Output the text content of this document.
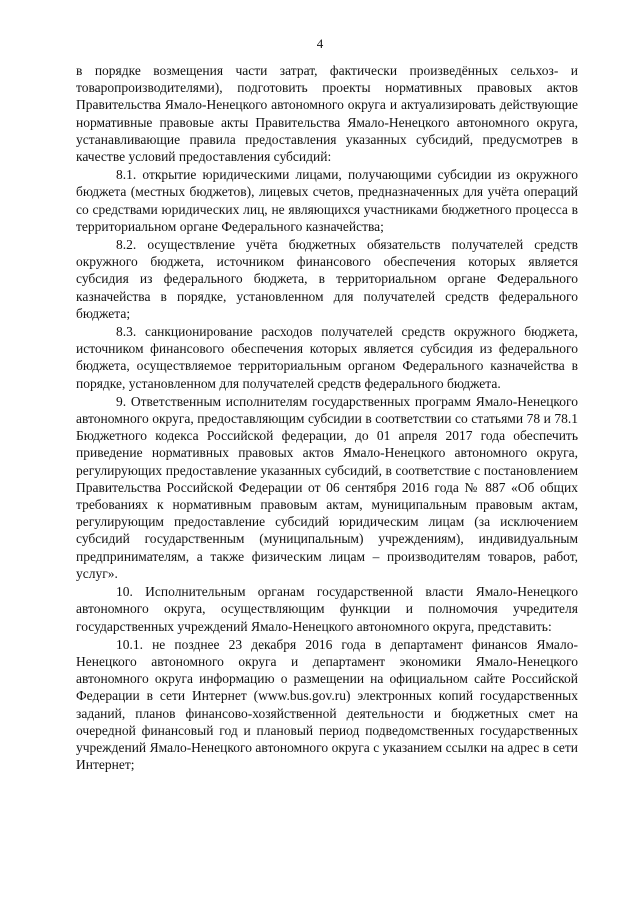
4

в порядке возмещения части затрат, фактически произведённых сельхоз- и товаропроизводителями), подготовить проекты нормативных правовых актов Правительства Ямало-Ненецкого автономного округа и актуализировать действующие нормативные правовые акты Правительства Ямало-Ненецкого автономного округа, устанавливающие правила предоставления указанных субсидий, предусмотрев в качестве условий предоставления субсидий:

8.1. открытие юридическими лицами, получающими субсидии из окружного бюджета (местных бюджетов), лицевых счетов, предназначенных для учёта операций со средствами юридических лиц, не являющихся участниками бюджетного процесса в территориальном органе Федерального казначейства;

8.2. осуществление учёта бюджетных обязательств получателей средств окружного бюджета, источником финансового обеспечения которых является субсидия из федерального бюджета, в территориальном органе Федерального казначейства в порядке, установленном для получателей средств федерального бюджета;

8.3. санкционирование расходов получателей средств окружного бюджета, источником финансового обеспечения которых является субсидия из федерального бюджета, осуществляемое территориальным органом Федерального казначейства в порядке, установленном для получателей средств федерального бюджета.

9. Ответственным исполнителям государственных программ Ямало-Ненецкого автономного округа, предоставляющим субсидии в соответствии со статьями 78 и 78.1 Бюджетного кодекса Российской федерации, до 01 апреля 2017 года обеспечить приведение нормативных правовых актов Ямало-Ненецкого автономного округа, регулирующих предоставление указанных субсидий, в соответствие с постановлением Правительства Российской Федерации от 06 сентября 2016 года № 887 «Об общих требованиях к нормативным правовым актам, муниципальным правовым актам, регулирующим предоставление субсидий юридическим лицам (за исключением субсидий государственным (муниципальным) учреждениям), индивидуальным предпринимателям, а также физическим лицам – производителям товаров, работ, услуг».

10. Исполнительным органам государственной власти Ямало-Ненецкого автономного округа, осуществляющим функции и полномочия учредителя государственных учреждений Ямало-Ненецкого автономного округа, представить:

10.1. не позднее 23 декабря 2016 года в департамент финансов Ямало-Ненецкого автономного округа и департамент экономики Ямало-Ненецкого автономного округа информацию о размещении на официальном сайте Российской Федерации в сети Интернет (www.bus.gov.ru) электронных копий государственных заданий, планов финансово-хозяйственной деятельности и бюджетных смет на очередной финансовый год и плановый период подведомственных государственных учреждений Ямало-Ненецкого автономного округа с указанием ссылки на адрес в сети Интернет;
